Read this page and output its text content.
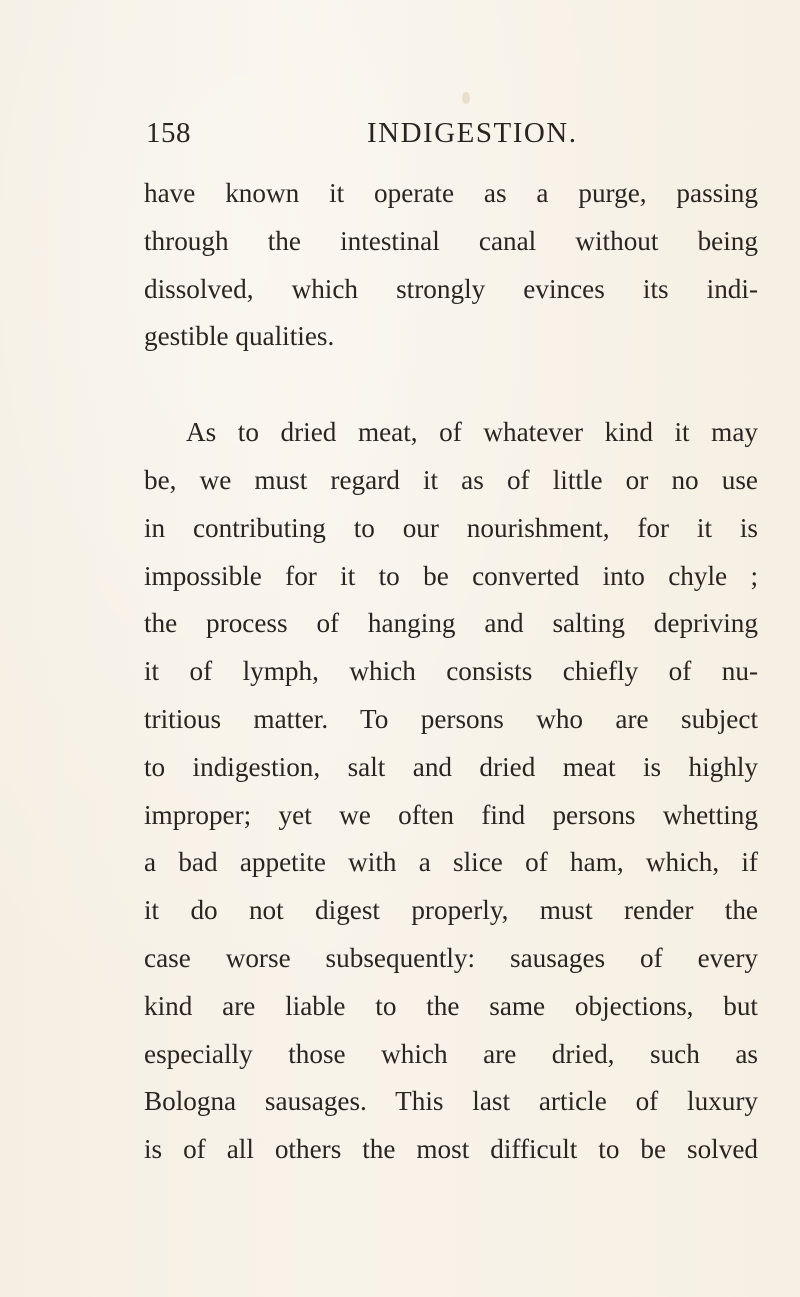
158	INDIGESTION.
have known it operate as a purge, passing
through the intestinal canal without being
dissolved, which strongly evinces its indi-
gestible qualities.
As to dried meat, of whatever kind it may
be, we must regard it as of little or no use
in contributing to our nourishment, for it is
impossible for it to be converted into chyle ;
the process of hanging and salting depriving
it of lymph, which consists chiefly of nu-
tritious matter. To persons who are subject
to indigestion, salt and dried meat is highly
improper; yet we often find persons whetting
a bad appetite with a slice of ham, which, if
it do not digest properly, must render the
case worse subsequently: sausages of every
kind are liable to the same objections, but
especially those which are dried, such as
Bologna sausages. This last article of luxury
is of all others the most difficult to be solved
